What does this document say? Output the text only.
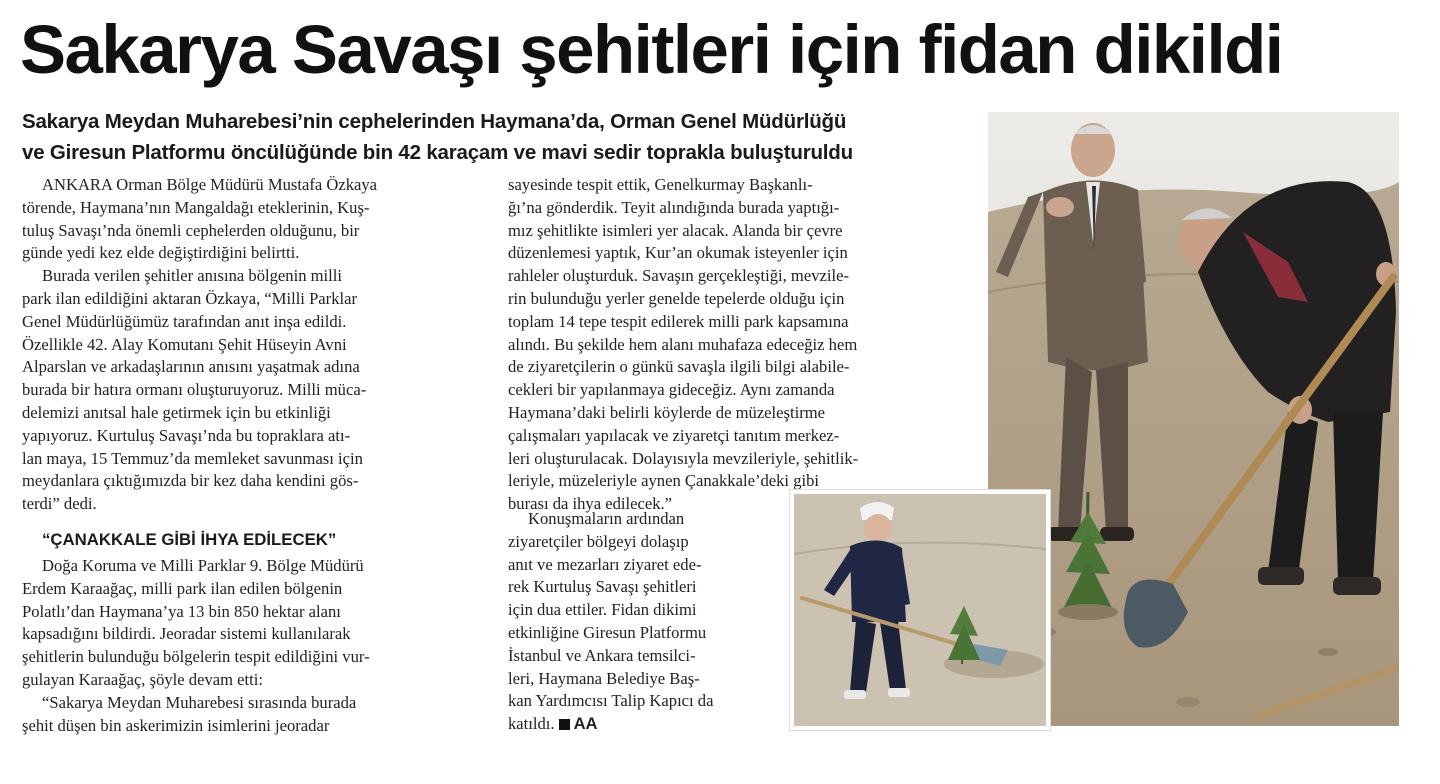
Sakarya Savaşı şehitleri için fidan dikildi
Sakarya Meydan Muharebesi’nin cephelerinden Haymana’da, Orman Genel Müdürlüğü
ve Giresun Platformu öncülüğünde bin 42 karaçam ve mavi sedir toprakla buluşturuldu

ANKARA Orman Bölge Müdürü Mustafa Özkaya
törende, Haymana’nın Mangaldağı eteklerinin, Kuş-
tuluş Savaşı’nda önemli cephelerden olduğunu, bir
günde yedi kez elde değiştirdiğini belirtti.

Burada verilen şehitler anısına bölgenin milli
park ilan edildiğini aktaran Özkaya, “Milli Parklar
Genel Müdürlüğümüz tarafından anıt inşa edildi.
Özellikle 42. Alay Komutanı Şehit Hüseyin Avni
Alparslan ve arkadaşlarının anısını yaşatmak adına
burada bir hatıra ormanı oluşturuyoruz. Milli mücа-
delemizi anıtsal hale getirmek için bu etkinliği
yapıyoruz. Kurtuluş Savaşı’nda bu topraklara atı-
lan maya, 15 Temmuz’da memleket savunması için
meydanlara çıktığımızda bir kez daha kendini gös-
terdi” dedi.

“ÇANAKKALE GİBİ İHYA EDİLECEK”

Doğa Koruma ve Milli Parklar 9. Bölge Müdürü
Erdem Karaağaç, milli park ilan edilen bölgenin
Polatlı’dan Haymana’ya 13 bin 850 hektar alanı
kapsadığını bildirdi. Jeoradar sistemi kullanılarak
şehitlerin bulunduğu bölgelerin tespit edildiğini vur-
gulayan Karaağaç, şöyle devam etti:

“Sakarya Meydan Muharebesi sırasında burada
şehit düşen bin askerimizin isimlerini jeoradar

sayesinde tespit ettik, Genelkurmay Başkanlı-
ğı’na gönderdik. Teyit alındığında burada yaptığı-
mız şehitlikte isimleri yer alacak. Alanda bir çevre
düzenlemesi yaptık, Kur’an okumak isteyenler için
rahleler oluşturduk. Savaşın gerçekleştiği, mevzile-
rin bulunduğu yerler genelde tepelerde olduğu için
toplam 14 tepe tespit edilerek milli park kapsamına
alındı. Bu şekilde hem alanı muhafaza edeceğiz hem
de ziyaretçilerin o günkü savaşla ilgili bilgi alabile-
cekleri bir yapılanmaya gideceğiz. Aynı zamanda
Haymana’daki belirli köylerde de müzeleştirme
çalışmaları yapılacak ve ziyaretçi tanıtım merkez-
leri oluşturulacak. Dolayısıyla mevzileriyle, şehitlik-
leriyle, müzeleriyle aynen Çanakkale’deki gibi
burası da ihya edilecek.”

Konuşmaların ardından
ziyaretçiler bölgeyi dolaşıp
anıt ve mezarları ziyaret ede-
rek Kurtuluş Savaşı şehitleri
için dua ettiler. Fidan dikimi
etkinliğine Giresun Platformu
İstanbul ve Ankara temsilci-
leri, Haymana Belediye Baş-
kan Yardımcısı Talip Kapıcı da
katıldı. AA
